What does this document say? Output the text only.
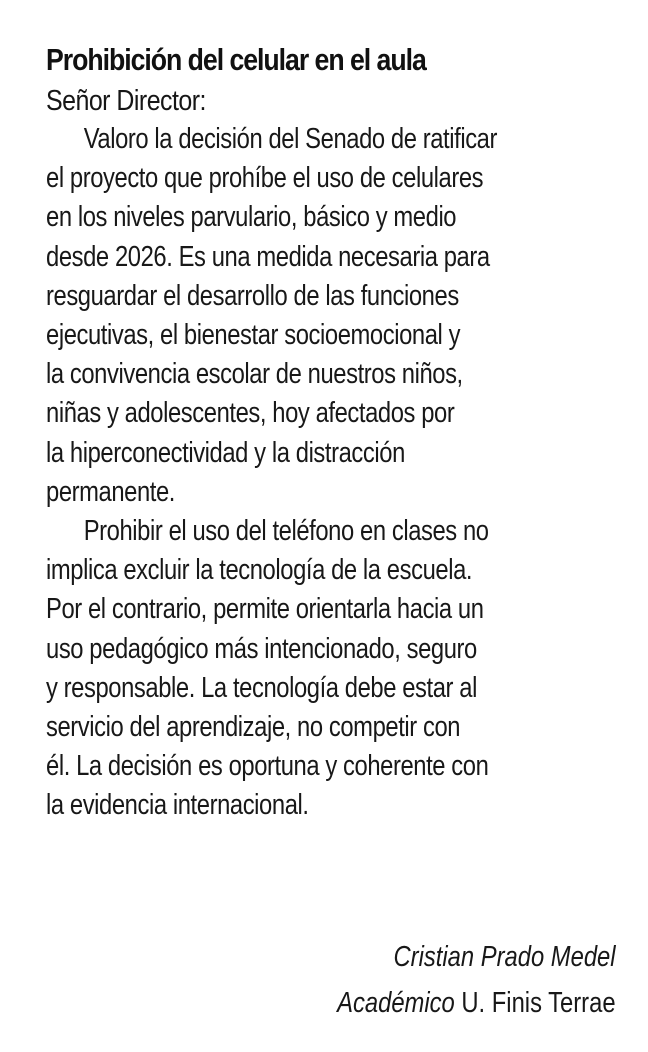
Prohibición del celular en el aula

Señor Director:

Valoro la decisión del Senado de ratificar
el proyecto que prohíbe el uso de celulares
en los niveles parvulario, básico y medio
desde 2026. Es una medida necesaria para
resguardar el desarrollo de las funciones
ejecutivas, el bienestar socioemocional y
la convivencia escolar de nuestros niños,
niñas y adolescentes, hoy afectados por
la hiperconectividad y la distracción
permanente.
Prohibir el uso del teléfono en clases no
implica excluir la tecnología de la escuela.
Por el contrario, permite orientarla hacia un
uso pedagógico más intencionado, seguro
y responsable. La tecnología debe estar al
servicio del aprendizaje, no competir con
él. La decisión es oportuna y coherente con
la evidencia internacional.
Cristian Prado Medel
Académico U. Finis Terrae
